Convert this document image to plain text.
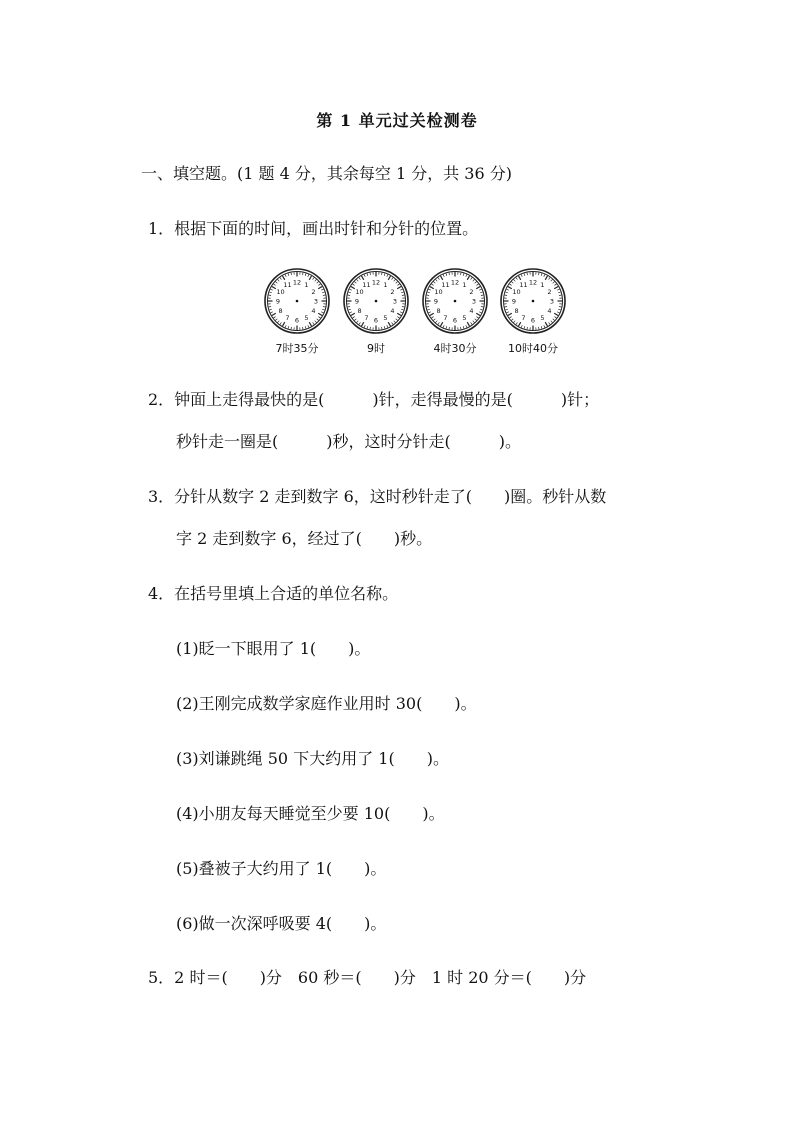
第 1 单元过关检测卷
一、填空题。(1 题 4 分，其余每空 1 分，共 36 分)
1．根据下面的时间，画出时针和分针的位置。
12 1
2
3
4
5
6
7
8
9
10
11
7时35分
12 1
2
3
4
5
6
7
8
9
10
11
9时
12 1
2
3
4
5
6
7
8
9
10
11
4时30分
12 1
2
3
4
5
6
7
8
9
10
11
10时40分
2．钟面上走得最快的是(　　　)针，走得最慢的是(　　　)针；
秒针走一圈是(　　　)秒，这时分针走(　　　)。
3．分针从数字 2 走到数字 6，这时秒针走了(　　)圈。秒针从数
字 2 走到数字 6，经过了(　　)秒。
4．在括号里填上合适的单位名称。
(1)眨一下眼用了 1(　　)。
(2)王刚完成数学家庭作业用时 30(　　)。
(3)刘谦跳绳 50 下大约用了 1(　　)。
(4)小朋友每天睡觉至少要 10(　　)。
(5)叠被子大约用了 1(　　)。
(6)做一次深呼吸要 4(　　)。
5．2 时＝(　　)分　60 秒＝(　　)分　1 时 20 分＝(　　)分
